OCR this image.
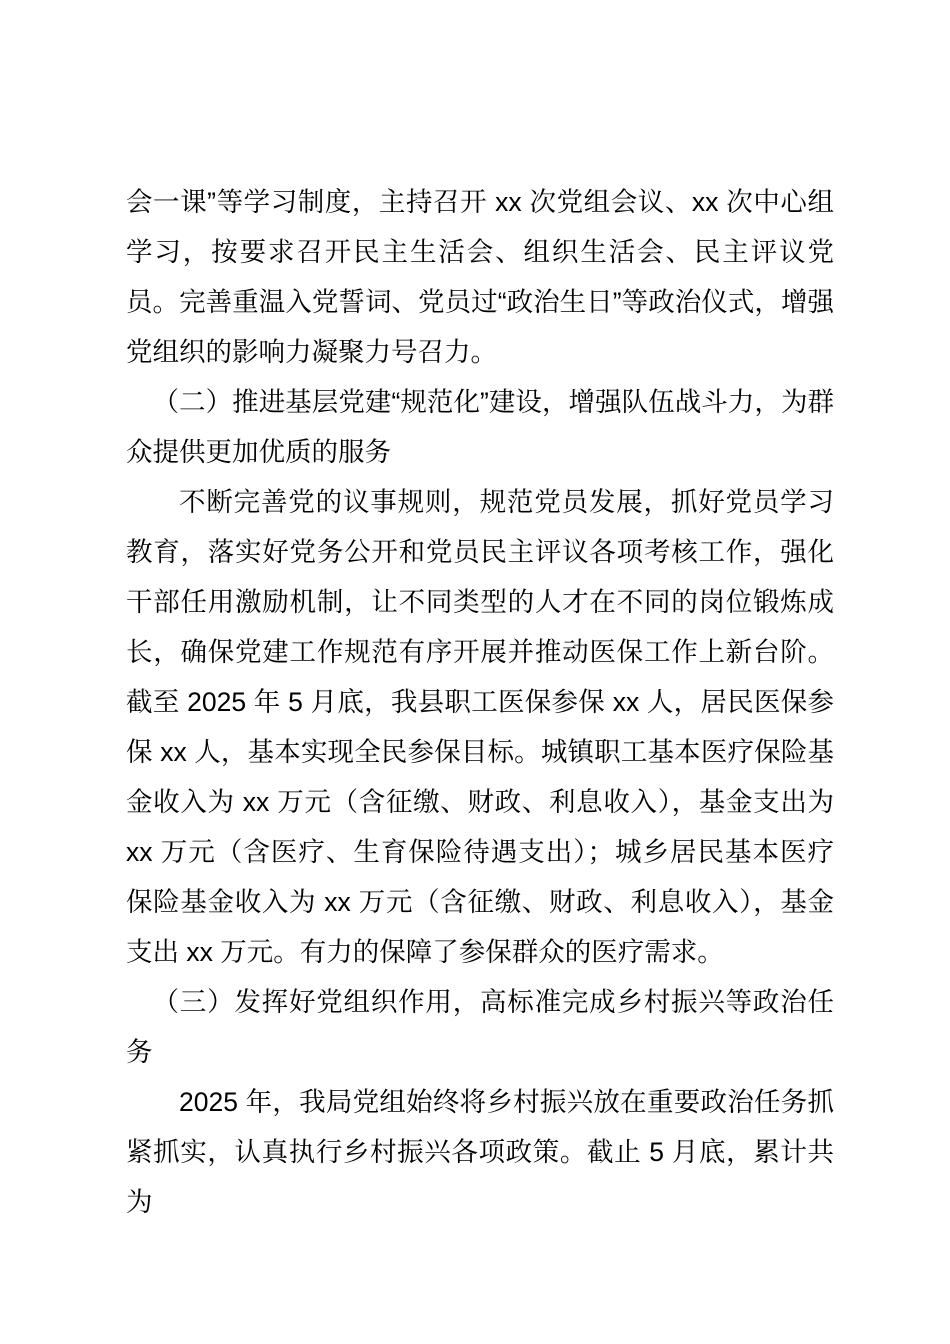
会一课”等学习制度，主持召开 xx 次党组会议、xx 次中心组学习，按要求召开民主生活会、组织生活会、民主评议党员。完善重温入党誓词、党员过“政治生日”等政治仪式，增强党组织的影响力凝聚力号召力。

（二）推进基层党建“规范化”建设，增强队伍战斗力，为群众提供更加优质的服务

不断完善党的议事规则，规范党员发展，抓好党员学习教育，落实好党务公开和党员民主评议各项考核工作，强化干部任用激励机制，让不同类型的人才在不同的岗位锻炼成长，确保党建工作规范有序开展并推动医保工作上新台阶。截至 2025 年 5 月底，我县职工医保参保 xx 人，居民医保参保 xx 人，基本实现全民参保目标。城镇职工基本医疗保险基金收入为 xx 万元（含征缴、财政、利息收入），基金支出为 xx 万元（含医疗、生育保险待遇支出）；城乡居民基本医疗保险基金收入为 xx 万元（含征缴、财政、利息收入），基金支出 xx 万元。有力的保障了参保群众的医疗需求。

（三）发挥好党组织作用，高标准完成乡村振兴等政治任务

2025 年，我局党组始终将乡村振兴放在重要政治任务抓紧抓实，认真执行乡村振兴各项政策。截止 5 月底，累计共为
